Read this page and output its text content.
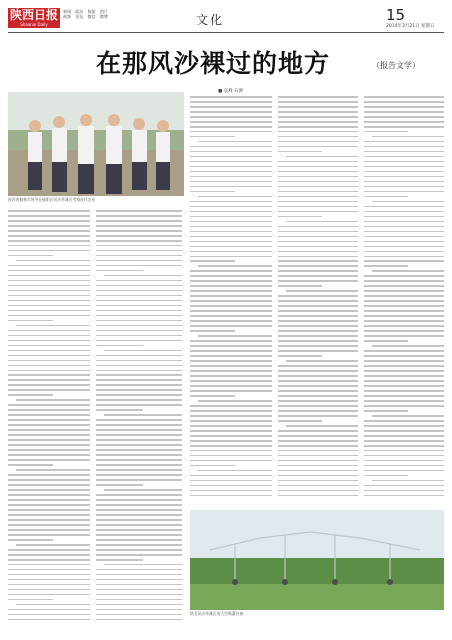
陕西日报
Shaanxi Daily
新闻 政治 数据 图片
视频 论坛 微信 微博	文化	15
2014年3月21日 星期五
在那风沙裸过的地方	（报告文学）
■ 袁峰 石源
陕西省榆林市领导在榆阳区风沙草滩区考察现代农业
陕北风沙草滩区的大型喷灌设备
